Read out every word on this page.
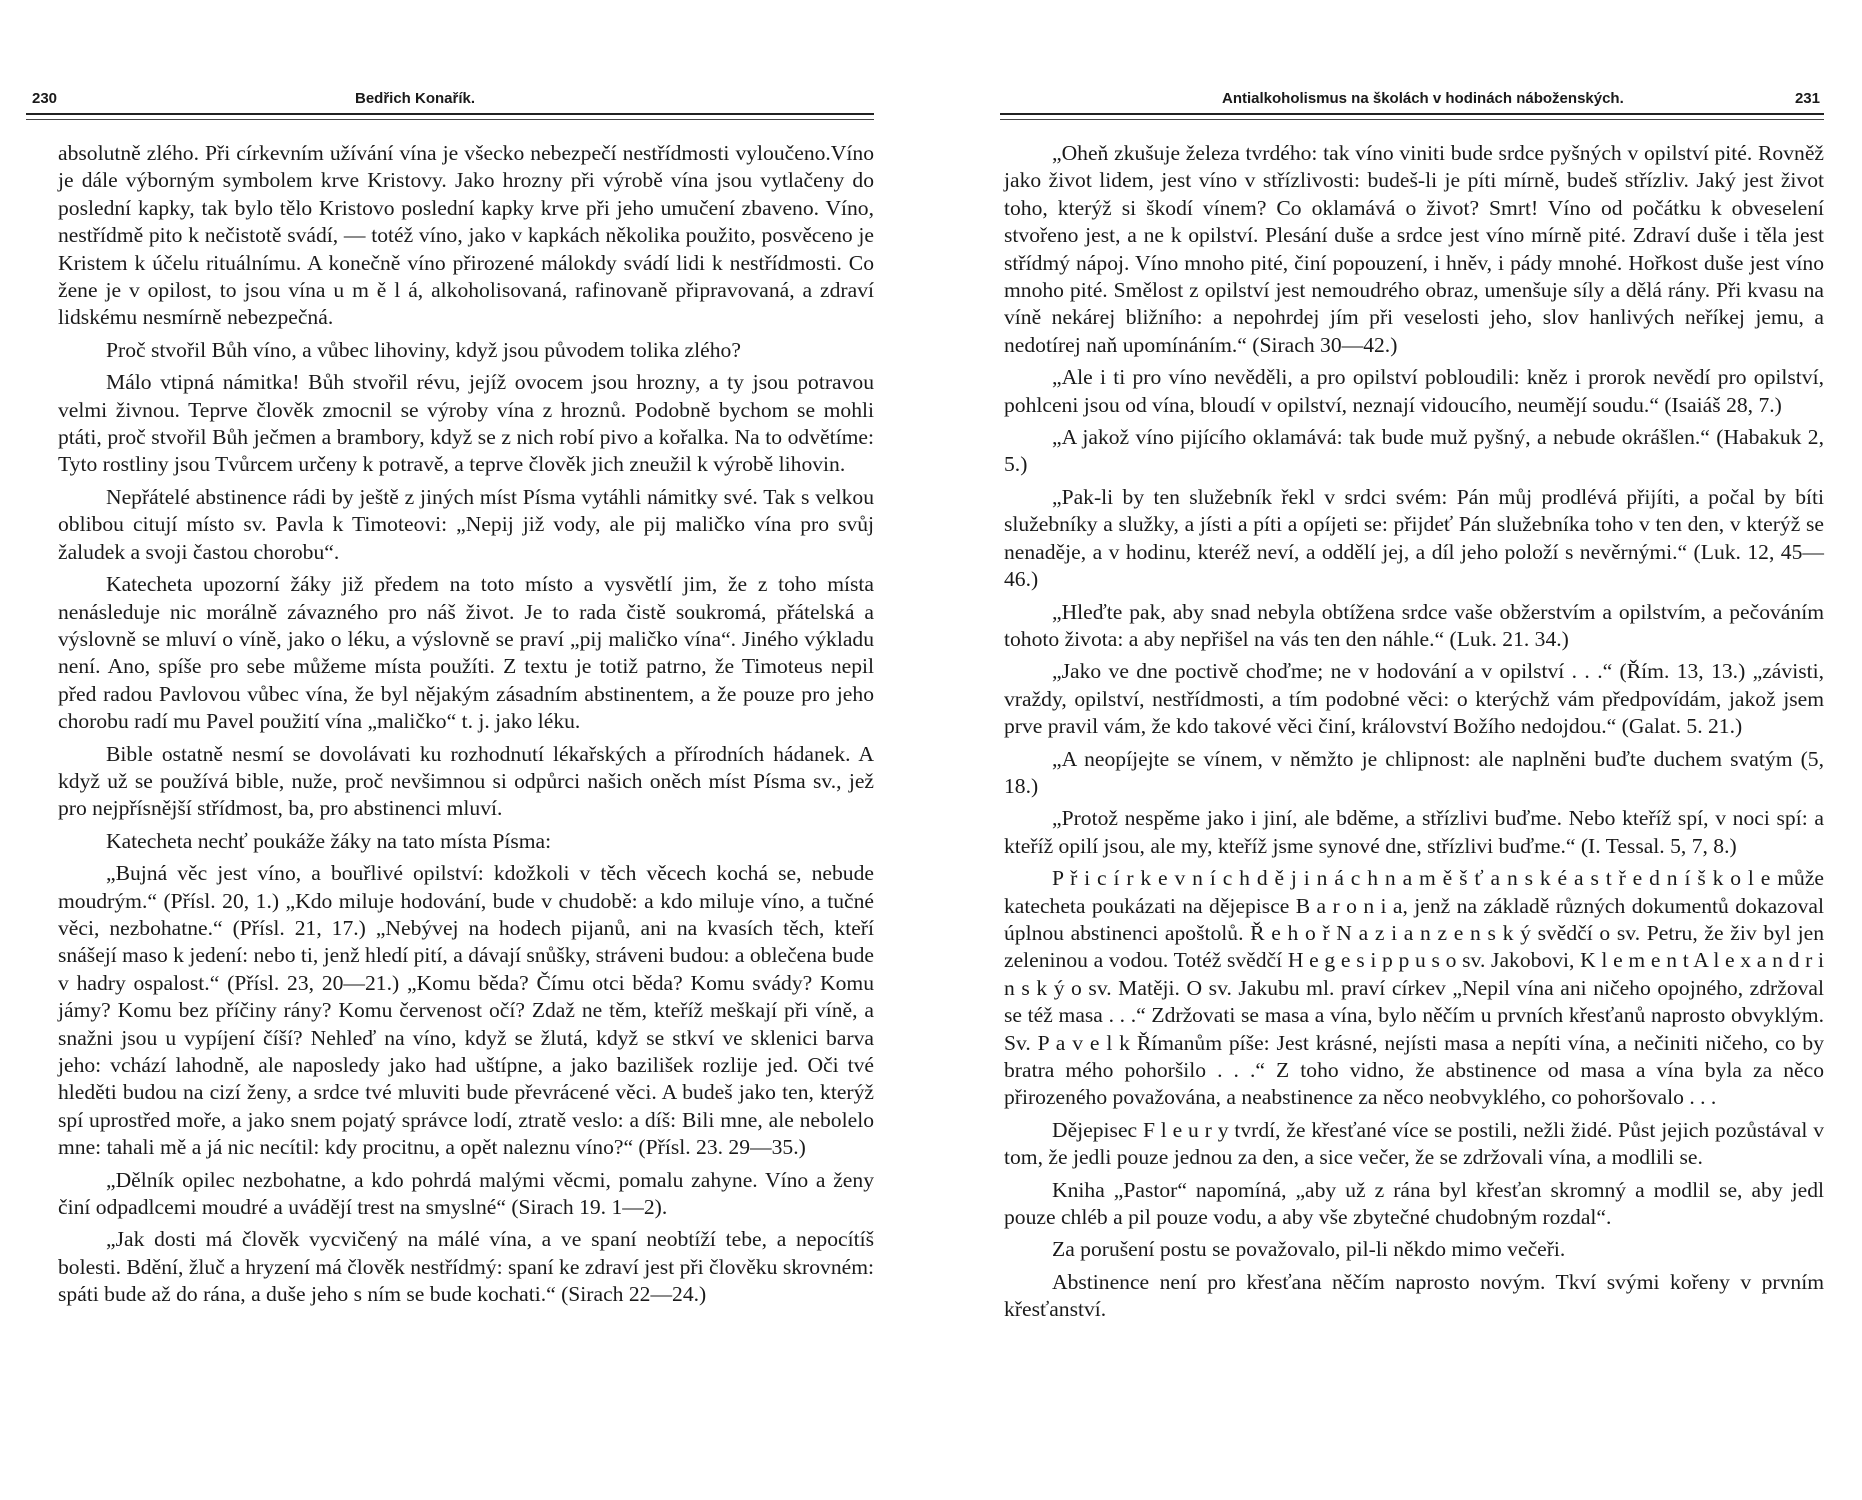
230	Bedřich Konařík.

absolutně zlého. Při církevním užívání vína je všecko nebezpečí nestřídmosti vyloučeno.Víno je dále výborným symbolem krve Kristovy. Jako hrozny při výrobě vína jsou vytlačeny do poslední kapky, tak bylo tělo Kristovo poslední kapky krve při jeho umučení zbaveno. Víno, nestřídmě pito k nečistotě svádí, — totéž víno, jako v kapkách několika použito, posvěceno je Kristem k účelu rituálnímu. A konečně víno přirozené málokdy svádí lidi k nestřídmosti. Co žene je v opilost, to jsou vína u m ě l á, alkoholisovaná, rafinovaně připravovaná, a zdraví lidskému nesmírně nebezpečná.

Proč stvořil Bůh víno, a vůbec lihoviny, když jsou původem tolika zlého?

Málo vtipná námitka! Bůh stvořil révu, jejíž ovocem jsou hrozny, a ty jsou potravou velmi živnou. Teprve člověk zmocnil se výroby vína z hroznů. Podobně bychom se mohli ptáti, proč stvořil Bůh ječmen a brambory, když se z nich robí pivo a kořalka. Na to odvětíme: Tyto rostliny jsou Tvůrcem určeny k potravě, a teprve člověk jich zneužil k výrobě lihovin.

Nepřátelé abstinence rádi by ještě z jiných míst Písma vytáhli námitky své. Tak s velkou oblibou citují místo sv. Pavla k Timoteovi: „Nepij již vody, ale pij maličko vína pro svůj žaludek a svoji častou chorobu“.

Katecheta upozorní žáky již předem na toto místo a vysvětlí jim, že z toho místa nenásleduje nic morálně závazného pro náš život. Je to rada čistě soukromá, přátelská a výslovně se mluví o víně, jako o léku, a výslovně se praví „pij maličko vína“. Jiného výkladu není. Ano, spíše pro sebe můžeme místa použíti. Z textu je totiž patrno, že Timoteus nepil před radou Pavlovou vůbec vína, že byl nějakým zásadním abstinentem, a že pouze pro jeho chorobu radí mu Pavel použití vína „maličko“ t. j. jako léku.

Bible ostatně nesmí se dovolávati ku rozhodnutí lékařských a přírodních hádanek. A když už se používá bible, nuže, proč nevšimnou si odpůrci našich oněch míst Písma sv., jež pro nejpřísnější střídmost, ba, pro abstinenci mluví.

Katecheta nechť poukáže žáky na tato místa Písma:

„Bujná věc jest víno, a bouřlivé opilství: kdožkoli v těch věcech kochá se, nebude moudrým.“ (Přísl. 20, 1.) „Kdo miluje hodování, bude v chudobě: a kdo miluje víno, a tučné věci, nezbohatne.“ (Přísl. 21, 17.) „Nebývej na hodech pijanů, ani na kvasích těch, kteří snášejí maso k jedení: nebo ti, jenž hledí pití, a dávají snůšky, stráveni budou: a oblečena bude v hadry ospalost.“ (Přísl. 23, 20—21.) „Komu běda? Čímu otci běda? Komu svády? Komu jámy? Komu bez příčiny rány? Komu červenost očí? Zdaž ne těm, kteříž meškají při víně, a snažni jsou u vypíjení číší? Nehleď na víno, když se žlutá, když se stkví ve sklenici barva jeho: vchází lahodně, ale naposledy jako had uštípne, a jako bazilišek rozlije jed. Oči tvé hleděti budou na cizí ženy, a srdce tvé mluviti bude převrácené věci. A budeš jako ten, kterýž spí uprostřed moře, a jako snem pojatý správce lodí, ztratě veslo: a díš: Bili mne, ale nebolelo mne: tahali mě a já nic necítil: kdy procitnu, a opět naleznu víno?“ (Přísl. 23. 29—35.)

„Dělník opilec nezbohatne, a kdo pohrdá malými věcmi, pomalu zahyne. Víno a ženy činí odpadlcemi moudré a uvádějí trest na smyslné“ (Sirach 19. 1—2).

„Jak dosti má člověk vycvičený na málé vína, a ve spaní neobtíží tebe, a nepocítíš bolesti. Bdění, žluč a hryzení má člověk nestřídmý: spaní ke zdraví jest při člověku skrovném: spáti bude až do rána, a duše jeho s ním se bude kochati.“ (Sirach 22—24.)

Antialkoholismus na školách v hodinách náboženských.	231

„Oheň zkušuje železa tvrdého: tak víno viniti bude srdce pyšných v opilství pité. Rovněž jako život lidem, jest víno v střízlivosti: budeš-li je píti mírně, budeš střízliv. Jaký jest život toho, kterýž si škodí vínem? Co oklamává o život? Smrt! Víno od počátku k obveselení stvořeno jest, a ne k opilství. Plesání duše a srdce jest víno mírně pité. Zdraví duše i těla jest střídmý nápoj. Víno mnoho pité, činí popouzení, i hněv, i pády mnohé. Hořkost duše jest víno mnoho pité. Smělost z opilství jest nemoudrého obraz, umenšuje síly a dělá rány. Při kvasu na víně nekárej bližního: a nepohrdej jím při veselosti jeho, slov hanlivých neříkej jemu, a nedotírej naň upomínáním.“ (Sirach 30—42.)

„Ale i ti pro víno nevěděli, a pro opilství pobloudili: kněz i prorok nevědí pro opilství, pohlceni jsou od vína, bloudí v opilství, neznají vidoucího, neumějí soudu.“ (Isaiáš 28, 7.)

„A jakož víno pijícího oklamává: tak bude muž pyšný, a nebude okrášlen.“ (Habakuk 2, 5.)

„Pak-li by ten služebník řekl v srdci svém: Pán můj prodlévá přijíti, a počal by bíti služebníky a služky, a jísti a píti a opíjeti se: přijdeť Pán služebníka toho v ten den, v kterýž se nenaděje, a v hodinu, kteréž neví, a oddělí jej, a díl jeho položí s nevěrnými.“ (Luk. 12, 45—46.)

„Hleďte pak, aby snad nebyla obtížena srdce vaše obžerstvím a opilstvím, a pečováním tohoto života: a aby nepřišel na vás ten den náhle.“ (Luk. 21. 34.)

„Jako ve dne poctivě choďme; ne v hodování a v opilství . . .“ (Řím. 13, 13.) „závisti, vraždy, opilství, nestřídmosti, a tím podobné věci: o kterýchž vám předpovídám, jakož jsem prve pravil vám, že kdo takové věci činí, království Božího nedojdou.“ (Galat. 5. 21.)

„A neopíjejte se vínem, v němžto je chlipnost: ale naplněni buďte duchem svatým (5, 18.)

„Protož nespěme jako i jiní, ale bděme, a střízlivi buďme. Nebo kteříž spí, v noci spí: a kteříž opilí jsou, ale my, kteříž jsme synové dne, střízlivi buďme.“ (I. Tessal. 5, 7, 8.)

P ř i c í r k e v n í c h d ě j i n á c h n a m ě š ť a n s k é a s t ř e d n í š k o l e může katecheta poukázati na dějepisce B a r o n i a, jenž na základě různých dokumentů dokazoval úplnou abstinenci apoštolů. Ř e h o ř N a z i a n z e n s k ý svědčí o sv. Petru, že živ byl jen zeleninou a vodou. Totéž svědčí H e g e s i p p u s o sv. Jakobovi, K l e m e n t A l e x a n d r i n s k ý o sv. Matěji. O sv. Jakubu ml. praví církev „Nepil vína ani ničeho opojného, zdržoval se též masa . . .“ Zdržovati se masa a vína, bylo něčím u prvních křesťanů naprosto obvyklým. Sv. P a v e l k Římanům píše: Jest krásné, nejísti masa a nepíti vína, a nečiniti ničeho, co by bratra mého pohoršilo . . .“ Z toho vidno, že abstinence od masa a vína byla za něco přirozeného považována, a neabstinence za něco neobvyklého, co pohoršovalo . . .

Dějepisec F l e u r y tvrdí, že křesťané více se postili, nežli židé. Půst jejich pozůstával v tom, že jedli pouze jednou za den, a sice večer, že se zdržovali vína, a modlili se.

Kniha „Pastor“ napomíná, „aby už z rána byl křesťan skromný a modlil se, aby jedl pouze chléb a pil pouze vodu, a aby vše zbytečné chudobným rozdal“.

Za porušení postu se považovalo, pil-li někdo mimo večeři.

Abstinence není pro křesťana něčím naprosto novým. Tkví svými kořeny v prvním křesťanství.
